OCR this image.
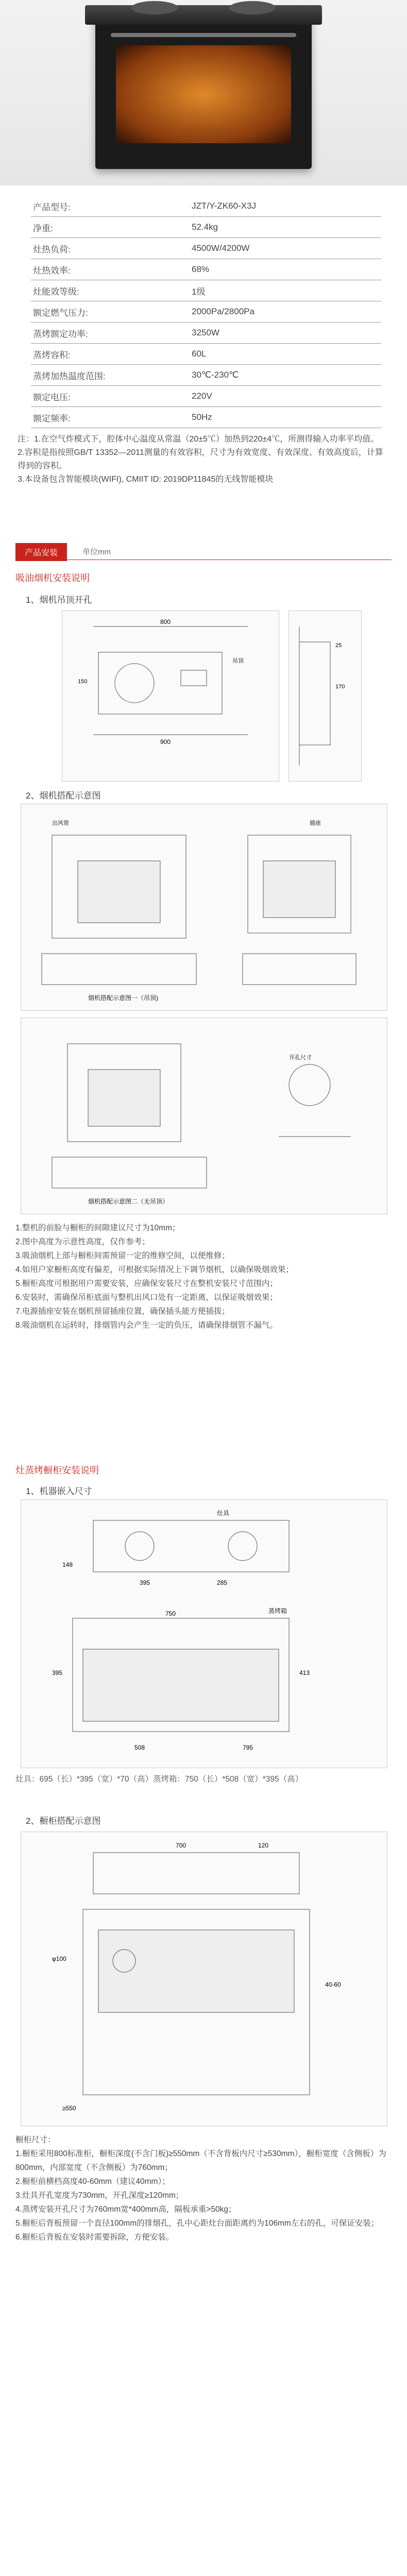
产品型号:	JZT/Y-ZK60-X3J
净重:	52.4kg
灶热负荷:	4500W/4200W
灶热效率:	68%
灶能效等级:	1级
额定燃气压力:	2000Pa/2800Pa
蒸烤额定功率:	3250W
蒸烤容积:	60L
蒸烤加热温度范围:	30℃-230℃
额定电压:	220V
额定频率:	50Hz

注：1.在空气炸模式下，腔体中心温度从常温（20±5℃）加热到220±4℃，所测得输入功率平均值。

2.容积是指按照GB/T 13352—2011测量的有效容积，尺寸为有效宽度、有效深度、有效高度后，计算得到的容积。

3.本设备包含智能模块(WIFI), CMIIT ID: 2019DP11845的无线智能模块

产品安装	单位mm
吸油烟机安装说明
1、烟机吊顶开孔
800
900
吊顶
150
170
25
2、烟机搭配示意图
烟机搭配示意图一（吊顶)
出风管	插座
烟机搭配示意图二（无吊顶）
开孔尺寸

1.整机的前脸与橱柜的间隙建议尺寸为10mm；

2.图中高度为示意性高度，仅作参考；

3.吸油烟机上部与橱柜间需预留一定的维修空间，以便维修；

4.如用户家橱柜高度有偏差，可根据实际情况上下调节烟机，以确保吸烟效果；

5.橱柜高度可根据用户需要安装，应确保安装尺寸在整机安装尺寸范围内；

6.安装时，需确保吊柜底面与整机出风口处有一定距离，以保证吸烟效果；

7.电源插座安装在烟机预留插座位置，确保插头能方便插拔；

8.吸油烟机在运转时，排烟管内会产生一定的负压，请确保排烟管不漏气。

灶蒸烤橱柜安装说明
1、机器嵌入尺寸
灶具
148
395	285
蒸烤箱
750
395	413
508	795
灶具：695（长）*395（宽）*70（高）蒸烤箱：750（长）*508（宽）*395（高）
2、橱柜搭配示意图
700	120
40-60
φ100
≥550

橱柜尺寸：

1.橱柜采用800标准柜，橱柜深度(不含门板)≥550mm（不含背板内尺寸≥530mm），橱柜宽度（含侧板）为800mm，内部宽度（不含侧板）为760mm；

2.橱柜前横档高度40-60mm（建议40mm）；

3.灶具开孔宽度为730mm，开孔深度≥120mm；

4.蒸烤安装开孔尺寸为760mm宽*400mm高，隔板承重>50kg；

5.橱柜后背板预留一个直径100mm的排烟孔，孔中心距灶台面距离约为106mm左右的孔，可保证安装；

6.橱柜后背板在安装时需要拆除，方便安装。
